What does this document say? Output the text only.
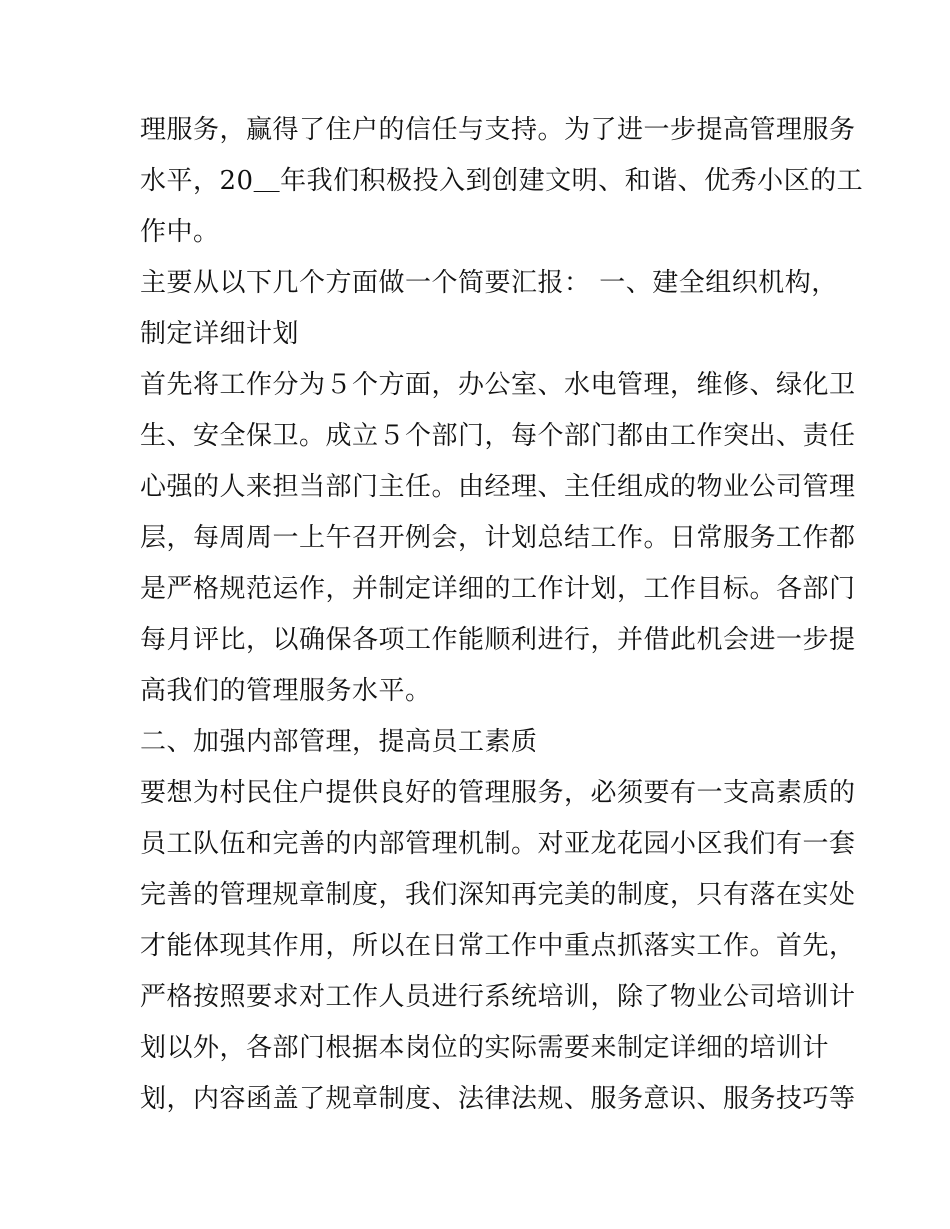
理服务，赢得了住户的信任与支持。为了进一步提高管理服务
水平，20＿年我们积极投入到创建文明、和谐、优秀小区的工
作中。
主要从以下几个方面做一个简要汇报： 一、建全组织机构，
制定详细计划
首先将工作分为５个方面，办公室、水电管理，维修、绿化卫
生、安全保卫。成立５个部门，每个部门都由工作突出、责任
心强的人来担当部门主任。由经理、主任组成的物业公司管理
层，每周周一上午召开例会，计划总结工作。日常服务工作都
是严格规范运作，并制定详细的工作计划，工作目标。各部门
每月评比，以确保各项工作能顺利进行，并借此机会进一步提
高我们的管理服务水平。
二、加强内部管理，提高员工素质
要想为村民住户提供良好的管理服务，必须要有一支高素质的
员工队伍和完善的内部管理机制。对亚龙花园小区我们有一套
完善的管理规章制度，我们深知再完美的制度，只有落在实处
才能体现其作用，所以在日常工作中重点抓落实工作。首先，
严格按照要求对工作人员进行系统培训，除了物业公司培训计
划以外，各部门根据本岗位的实际需要来制定详细的培训计
划，内容函盖了规章制度、法律法规、服务意识、服务技巧等
